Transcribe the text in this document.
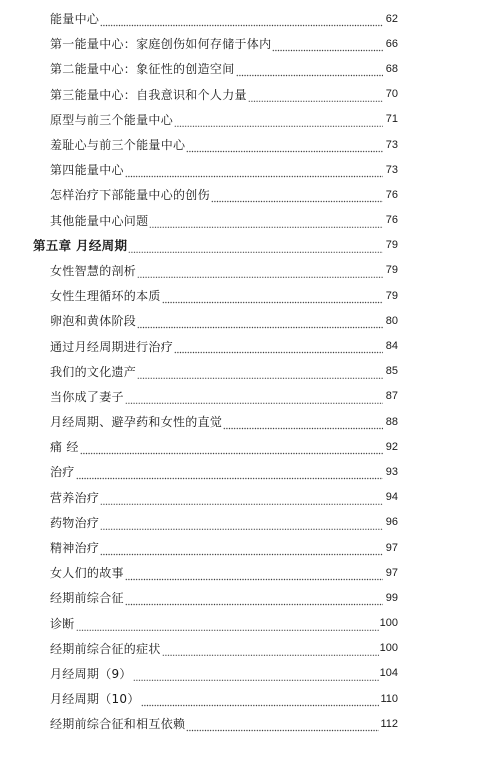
能量中心	62
第一能量中心：家庭创伤如何存储于体内	66
第二能量中心：象征性的创造空间	68
第三能量中心：自我意识和个人力量	70
原型与前三个能量中心	71
羞耻心与前三个能量中心	73
第四能量中心	73
怎样治疗下部能量中心的创伤	76
其他能量中心问题	76
第五章 月经周期	79
女性智慧的剖析	79
女性生理循环的本质	79
卵泡和黄体阶段	80
通过月经周期进行治疗	84
我们的文化遗产	85
当你成了妻子	87
月经周期、避孕药和女性的直觉	88
痛 经	92
治疗	93
营养治疗	94
药物治疗	96
精神治疗	97
女人们的故事	97
经期前综合征	99
诊断	100
经期前综合征的症状	100
月经周期（9）	104
月经周期（10）	110
经期前综合征和相互依赖	112
